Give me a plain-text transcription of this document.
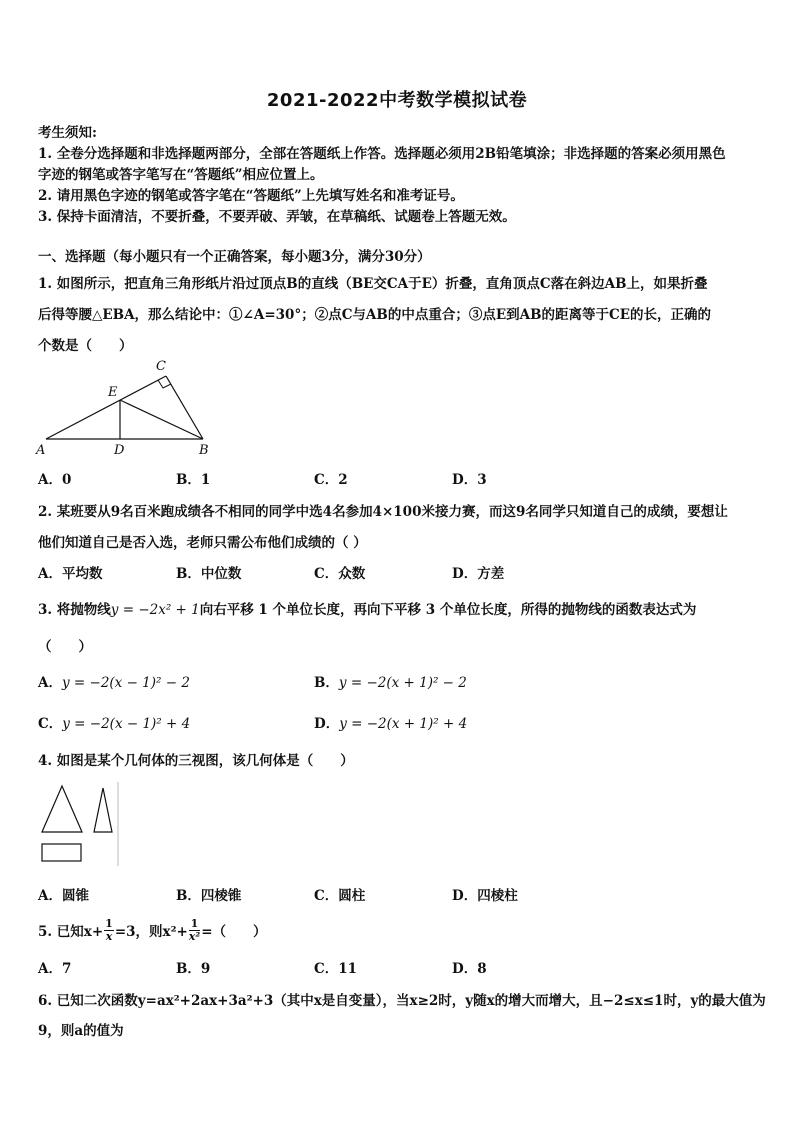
2021-2022中考数学模拟试卷
考生须知:
1. 全卷分选择题和非选择题两部分，全部在答题纸上作答。选择题必须用2B铅笔填涂；非选择题的答案必须用黑色
字迹的钢笔或答字笔写在“答题纸”相应位置上。
2. 请用黑色字迹的钢笔或答字笔在“答题纸”上先填写姓名和准考证号。
3. 保持卡面清洁，不要折叠，不要弄破、弄皱，在草稿纸、试题卷上答题无效。
一、选择题（每小题只有一个正确答案，每小题3分，满分30分）
1. 如图所示，把直角三角形纸片沿过顶点B的直线（BE交CA于E）折叠，直角顶点C落在斜边AB上，如果折叠
后得等腰△EBA，那么结论中：①∠A=30°；②点C与AB的中点重合；③点E到AB的距离等于CE的长，正确的
个数是（　　）
A	D	B
C
E
A．0	B．1	C．2	D．3
2. 某班要从9名百米跑成绩各不相同的同学中选4名参加4×100米接力赛，而这9名同学只知道自己的成绩，要想让
他们知道自己是否入选，老师只需公布他们成绩的（ ）
A．平均数	B．中位数	C．众数	D．方差
3. 将抛物线y = −2x² + 1向右平移 1 个单位长度，再向下平移 3 个单位长度，所得的抛物线的函数表达式为
（　　）
A．y = −2(x − 1)² − 2	B．y = −2(x + 1)² − 2
C．y = −2(x − 1)² + 4	D．y = −2(x + 1)² + 4
4. 如图是某个几何体的三视图，该几何体是（　　）
A．圆锥	B．四棱锥	C．圆柱	D．四棱柱
5. 已知$x+ \frac{1}{x} =3$，则$x^2+ \frac{1}{\text{x²}}$ =（　　）
A．7	B．9	C．11	D．8
6. 已知二次函数y=ax²+2ax+3a²+3（其中x是自变量），当x≥2时，y随x的增大而增大，且−2≤x≤1时，y的最大值为
9，则a的值为
